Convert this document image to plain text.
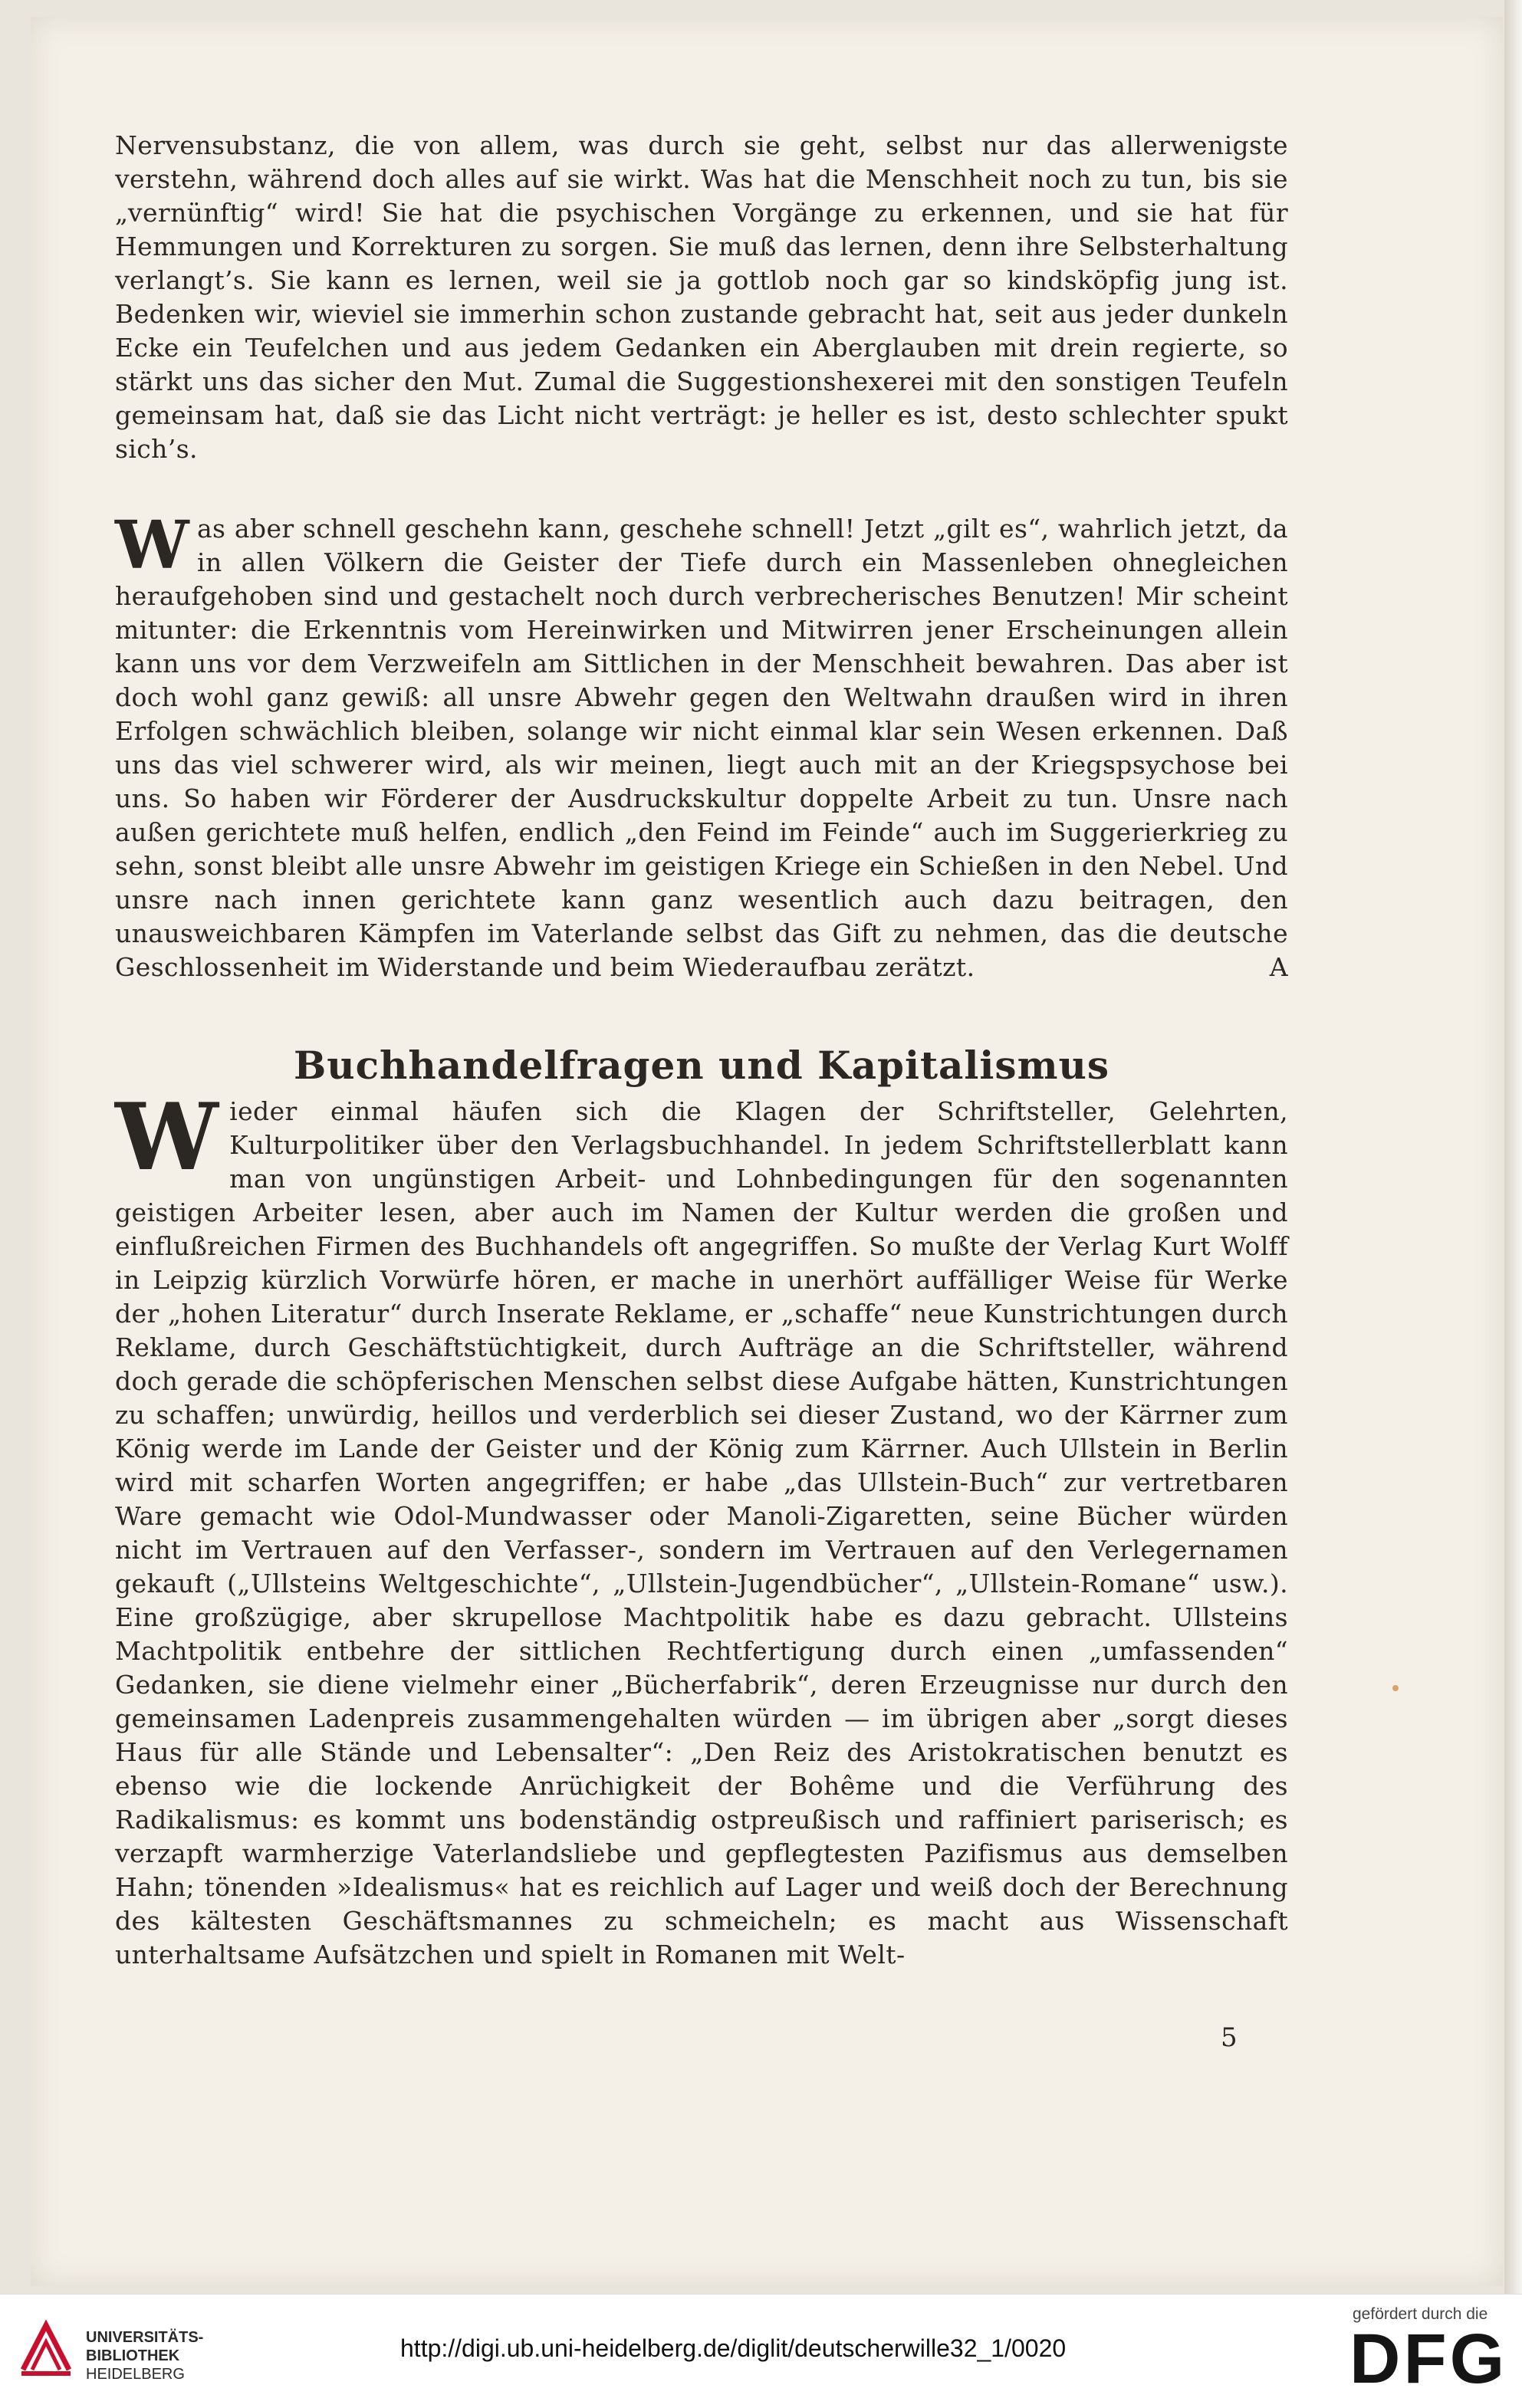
Nervensubstanz, die von allem, was durch sie geht, selbst nur das allerwenigste verstehn, während doch alles auf sie wirkt. Was hat die Menschheit noch zu tun, bis sie „vernünftig“ wird! Sie hat die psychischen Vorgänge zu erkennen, und sie hat für Hemmungen und Korrekturen zu sorgen. Sie muß das lernen, denn ihre Selbsterhaltung verlangt’s. Sie kann es lernen, weil sie ja gottlob noch gar so kindsköpfig jung ist. Bedenken wir, wieviel sie immerhin schon zustande gebracht hat, seit aus jeder dunkeln Ecke ein Teufelchen und aus jedem Gedanken ein Aberglauben mit drein regierte, so stärkt uns das sicher den Mut. Zumal die Suggestionshexerei mit den sonstigen Teufeln gemeinsam hat, daß sie das Licht nicht verträgt: je heller es ist, desto schlechter spukt sich’s.

Was aber schnell geschehn kann, geschehe schnell! Jetzt „gilt es“, wahrlich jetzt, da in allen Völkern die Geister der Tiefe durch ein Massenleben ohnegleichen heraufgehoben sind und gestachelt noch durch verbrecherisches Benutzen! Mir scheint mitunter: die Erkenntnis vom Hereinwirken und Mitwirren jener Erscheinungen allein kann uns vor dem Verzweifeln am Sittlichen in der Menschheit bewahren. Das aber ist doch wohl ganz gewiß: all unsre Abwehr gegen den Weltwahn draußen wird in ihren Erfolgen schwächlich bleiben, solange wir nicht einmal klar sein Wesen erkennen. Daß uns das viel schwerer wird, als wir meinen, liegt auch mit an der Kriegspsychose bei uns. So haben wir Förderer der Ausdruckskultur doppelte Arbeit zu tun. Unsre nach außen gerichtete muß helfen, endlich „den Feind im Feinde“ auch im Suggerierkrieg zu sehn, sonst bleibt alle unsre Abwehr im geistigen Kriege ein Schießen in den Nebel. Und unsre nach innen gerichtete kann ganz wesentlich auch dazu beitragen, den unausweichbaren Kämpfen im Vaterlande selbst das Gift zu nehmen, das die deutsche Geschlossenheit im Widerstande und beim Wiederaufbau zerätzt.	A
Buchhandelfragen und Kapitalismus
Wieder einmal häufen sich die Klagen der Schriftsteller, Gelehrten, Kulturpolitiker über den Verlagsbuchhandel. In jedem Schriftstellerblatt kann man von ungünstigen Arbeit- und Lohnbedingungen für den sogenannten geistigen Arbeiter lesen, aber auch im Namen der Kultur werden die großen und einflußreichen Firmen des Buchhandels oft angegriffen. So mußte der Verlag Kurt Wolff in Leipzig kürzlich Vorwürfe hören, er mache in unerhört auffälliger Weise für Werke der „hohen Literatur“ durch Inserate Reklame, er „schaffe“ neue Kunstrichtungen durch Reklame, durch Geschäftstüchtigkeit, durch Aufträge an die Schriftsteller, während doch gerade die schöpferischen Menschen selbst diese Aufgabe hätten, Kunstrichtungen zu schaffen; unwürdig, heillos und verderblich sei dieser Zustand, wo der Kärrner zum König werde im Lande der Geister und der König zum Kärrner. Auch Ullstein in Berlin wird mit scharfen Worten angegriffen; er habe „das Ullstein-Buch“ zur vertretbaren Ware gemacht wie Odol-Mundwasser oder Manoli-Zigaretten, seine Bücher würden nicht im Vertrauen auf den Verfasser-, sondern im Vertrauen auf den Verlegernamen gekauft („Ullsteins Weltgeschichte“, „Ullstein-Jugendbücher“, „Ullstein-Romane“ usw.). Eine großzügige, aber skrupellose Machtpolitik habe es dazu gebracht. Ullsteins Machtpolitik entbehre der sittlichen Rechtfertigung durch einen „umfassenden“ Gedanken, sie diene vielmehr einer „Bücherfabrik“, deren Erzeugnisse nur durch den gemeinsamen Ladenpreis zusammengehalten würden — im übrigen aber „sorgt dieses Haus für alle Stände und Lebensalter“: „Den Reiz des Aristokratischen benutzt es ebenso wie die lockende Anrüchigkeit der Bohême und die Verführung des Radikalismus: es kommt uns bodenständig ostpreußisch und raffiniert pariserisch; es verzapft warmherzige Vaterlandsliebe und gepflegtesten Pazifismus aus demselben Hahn; tönenden »Idealismus« hat es reichlich auf Lager und weiß doch der Berechnung des kältesten Geschäftsmannes zu schmeicheln; es macht aus Wissenschaft unterhaltsame Aufsätzchen und spielt in Romanen mit Welt-
5
UNIVERSITÄTS-
BIBLIOTHEK
HEIDELBERG
http://digi.ub.uni-heidelberg.de/diglit/deutscherwille32_1/0020
gefördert durch die
DFG
